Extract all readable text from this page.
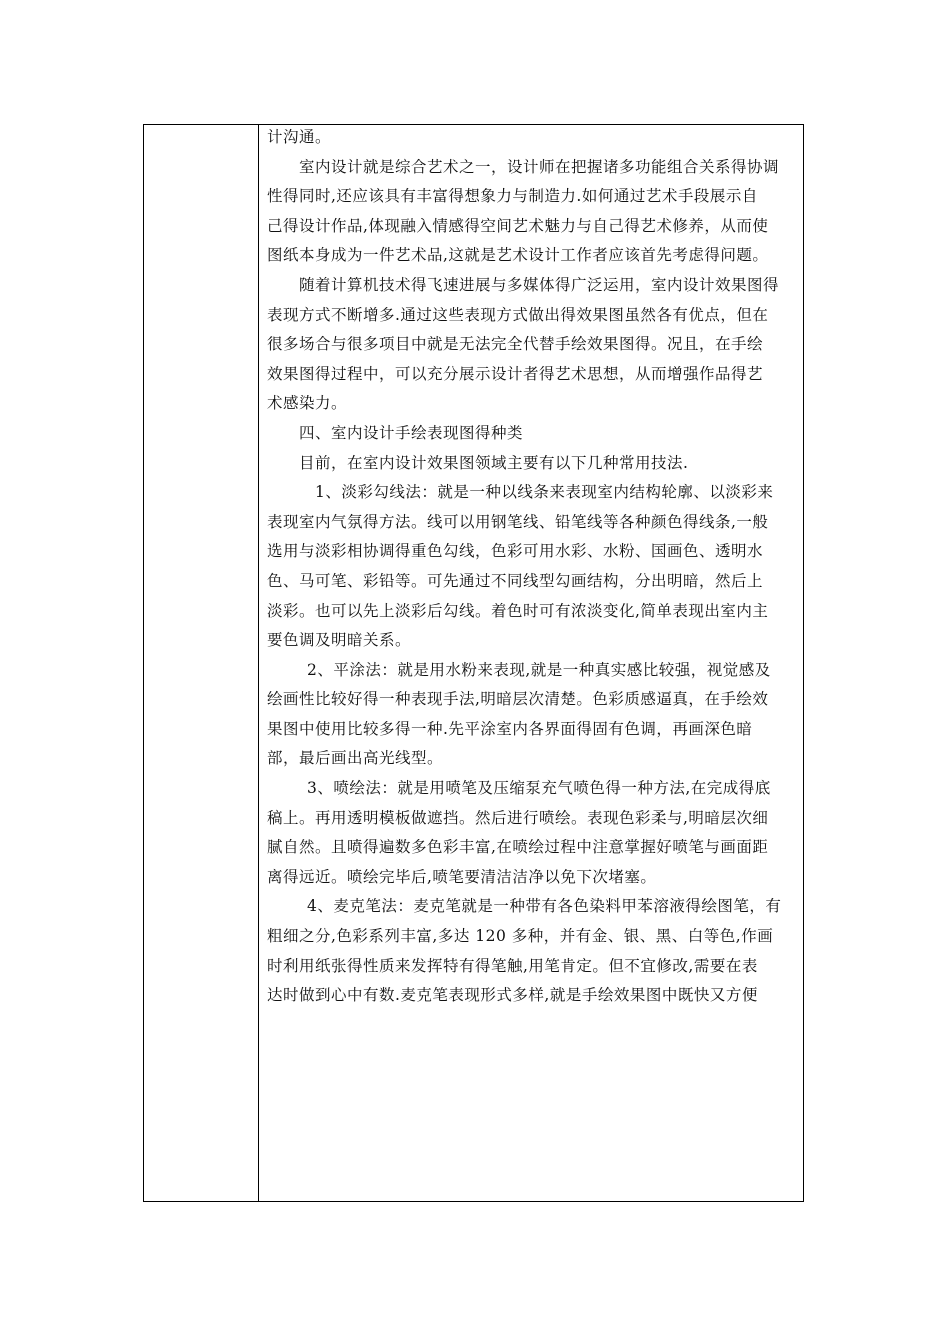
计沟通。
室内设计就是综合艺术之一，设计师在把握诸多功能组合关系得协调
性得同时,还应该具有丰富得想象力与制造力.如何通过艺术手段展示自
己得设计作品,体现融入情感得空间艺术魅力与自己得艺术修养，从而使
图纸本身成为一件艺术品,这就是艺术设计工作者应该首先考虑得问题。
随着计算机技术得飞速进展与多媒体得广泛运用，室内设计效果图得
表现方式不断增多.通过这些表现方式做出得效果图虽然各有优点，但在
很多场合与很多项目中就是无法完全代替手绘效果图得。况且，在手绘
效果图得过程中，可以充分展示设计者得艺术思想，从而增强作品得艺
术感染力。
四、室内设计手绘表现图得种类
目前，在室内设计效果图领域主要有以下几种常用技法.
1、淡彩勾线法：就是一种以线条来表现室内结构轮廓、以淡彩来
表现室内气氛得方法。线可以用钢笔线、铅笔线等各种颜色得线条,一般
选用与淡彩相协调得重色勾线，色彩可用水彩、水粉、国画色、透明水
色、马可笔、彩铅等。可先通过不同线型勾画结构，分出明暗，然后上
淡彩。也可以先上淡彩后勾线。着色时可有浓淡变化,简单表现出室内主
要色调及明暗关系。
2、平涂法：就是用水粉来表现,就是一种真实感比较强，视觉感及
绘画性比较好得一种表现手法,明暗层次清楚。色彩质感逼真，在手绘效
果图中使用比较多得一种.先平涂室内各界面得固有色调，再画深色暗
部，最后画出高光线型。
3、喷绘法：就是用喷笔及压缩泵充气喷色得一种方法,在完成得底
稿上。再用透明模板做遮挡。然后进行喷绘。表现色彩柔与,明暗层次细
腻自然。且喷得遍数多色彩丰富,在喷绘过程中注意掌握好喷笔与画面距
离得远近。喷绘完毕后,喷笔要清洁洁净以免下次堵塞。
4、麦克笔法：麦克笔就是一种带有各色染料甲苯溶液得绘图笔，有
粗细之分,色彩系列丰富,多达 120 多种，并有金、银、黑、白等色,作画
时利用纸张得性质来发挥特有得笔触,用笔肯定。但不宜修改,需要在表
达时做到心中有数.麦克笔表现形式多样,就是手绘效果图中既快又方便
